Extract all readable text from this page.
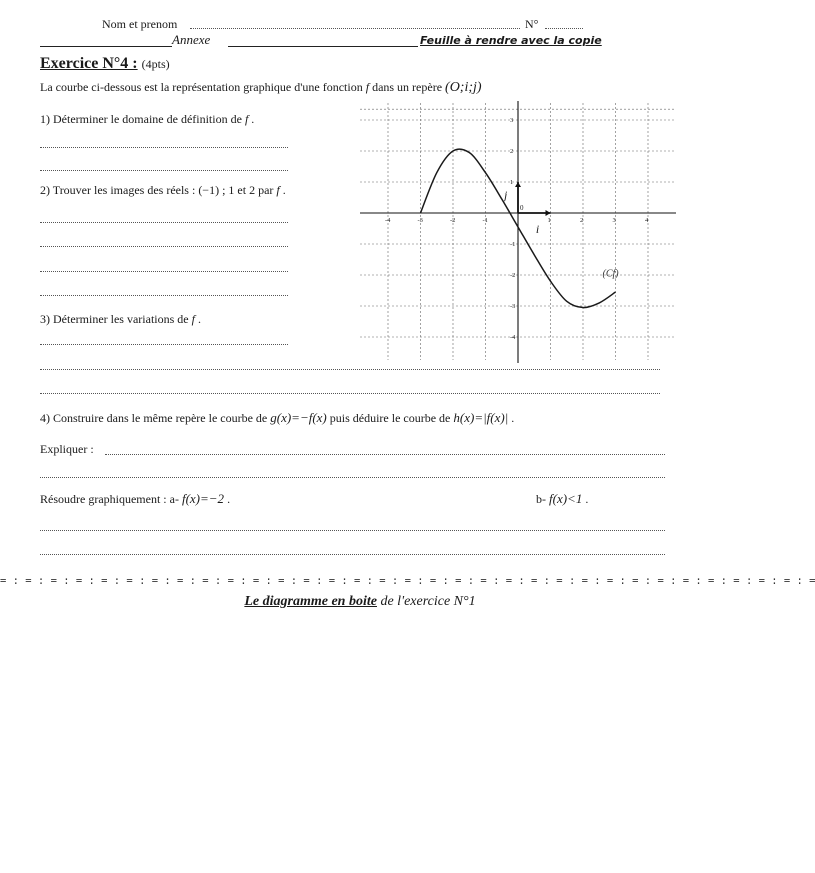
Nom et prenom	N°
Annexe	Feuille à rendre avec la copie
Exercice N°4 : (4pts)
La courbe ci-dessous est la représentation graphique d'une fonction f dans un repère (O;i;j)
1) Déterminer le domaine de définition de f .
2) Trouver les images des réels : (−1) ; 1 et 2 par f .
3) Déterminer les variations de f .
-4	-3	-2	-1	1	2	3	4
3
2
1
-1
-2
-3
-4
(Cf)
i
j
0
4) Construire dans le même repère le courbe de g(x)=−f(x) puis déduire le courbe de h(x)=|f(x)| .
Expliquer :
Résoudre graphiquement : a- f(x)=−2 .	b- f(x)<1 .
= : = : = : = : = : = : = : = : = : = : = : = : = : = : = : = : = : = : = : = : = : = : = : = : = : = : = : = : = : = : = : = : =
Le diagramme en boite de l'exercice N°1
